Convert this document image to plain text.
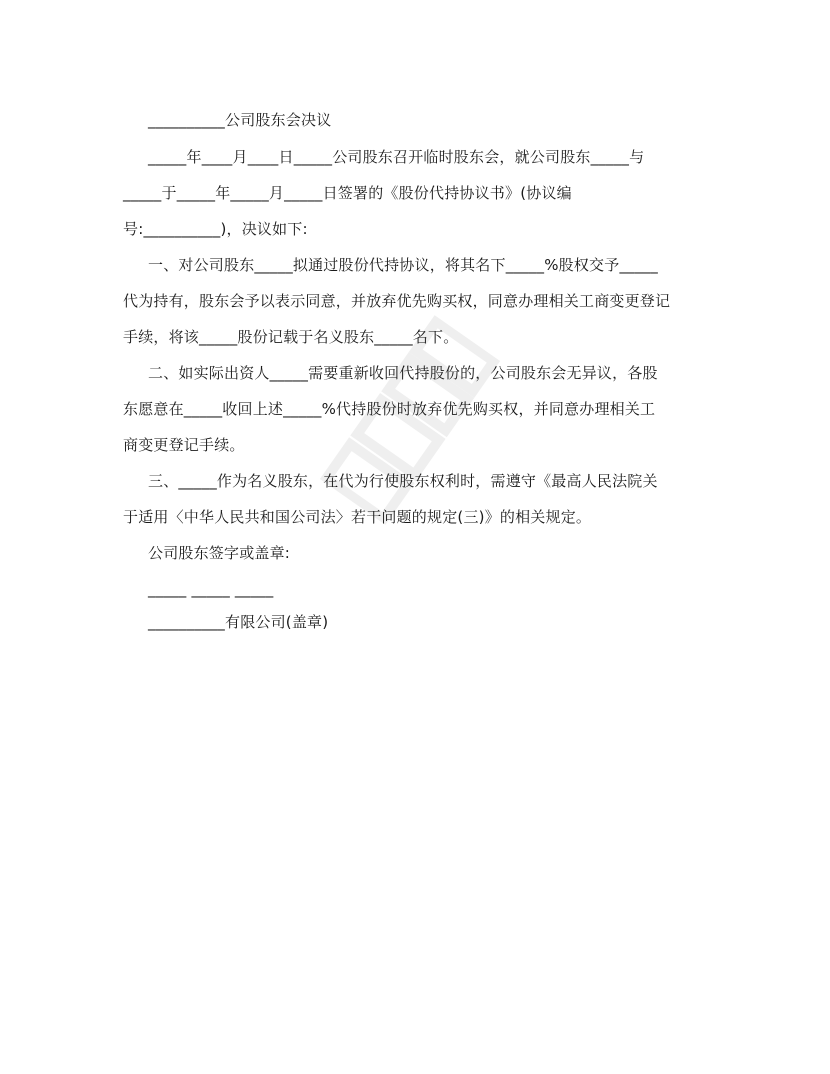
__________公司股东会决议
_____年____月____日_____公司股东召开临时股东会，就公司股东_____与
_____于_____年_____月_____日签署的《股份代持协议书》(协议编
号:__________)，决议如下:
一、对公司股东_____拟通过股份代持协议，将其名下_____%股权交予_____
代为持有，股东会予以表示同意，并放弃优先购买权，同意办理相关工商变更登记
手续，将该_____股份记载于名义股东_____名下。
二、如实际出资人_____需要重新收回代持股份的，公司股东会无异议，各股
东愿意在_____收回上述_____%代持股份时放弃优先购买权，并同意办理相关工
商变更登记手续。
三、_____作为名义股东，在代为行使股东权利时，需遵守《最高人民法院关
于适用〈中华人民共和国公司法〉若干问题的规定(三)》的相关规定。
公司股东签字或盖章:
_____ _____ _____
__________有限公司(盖章)
